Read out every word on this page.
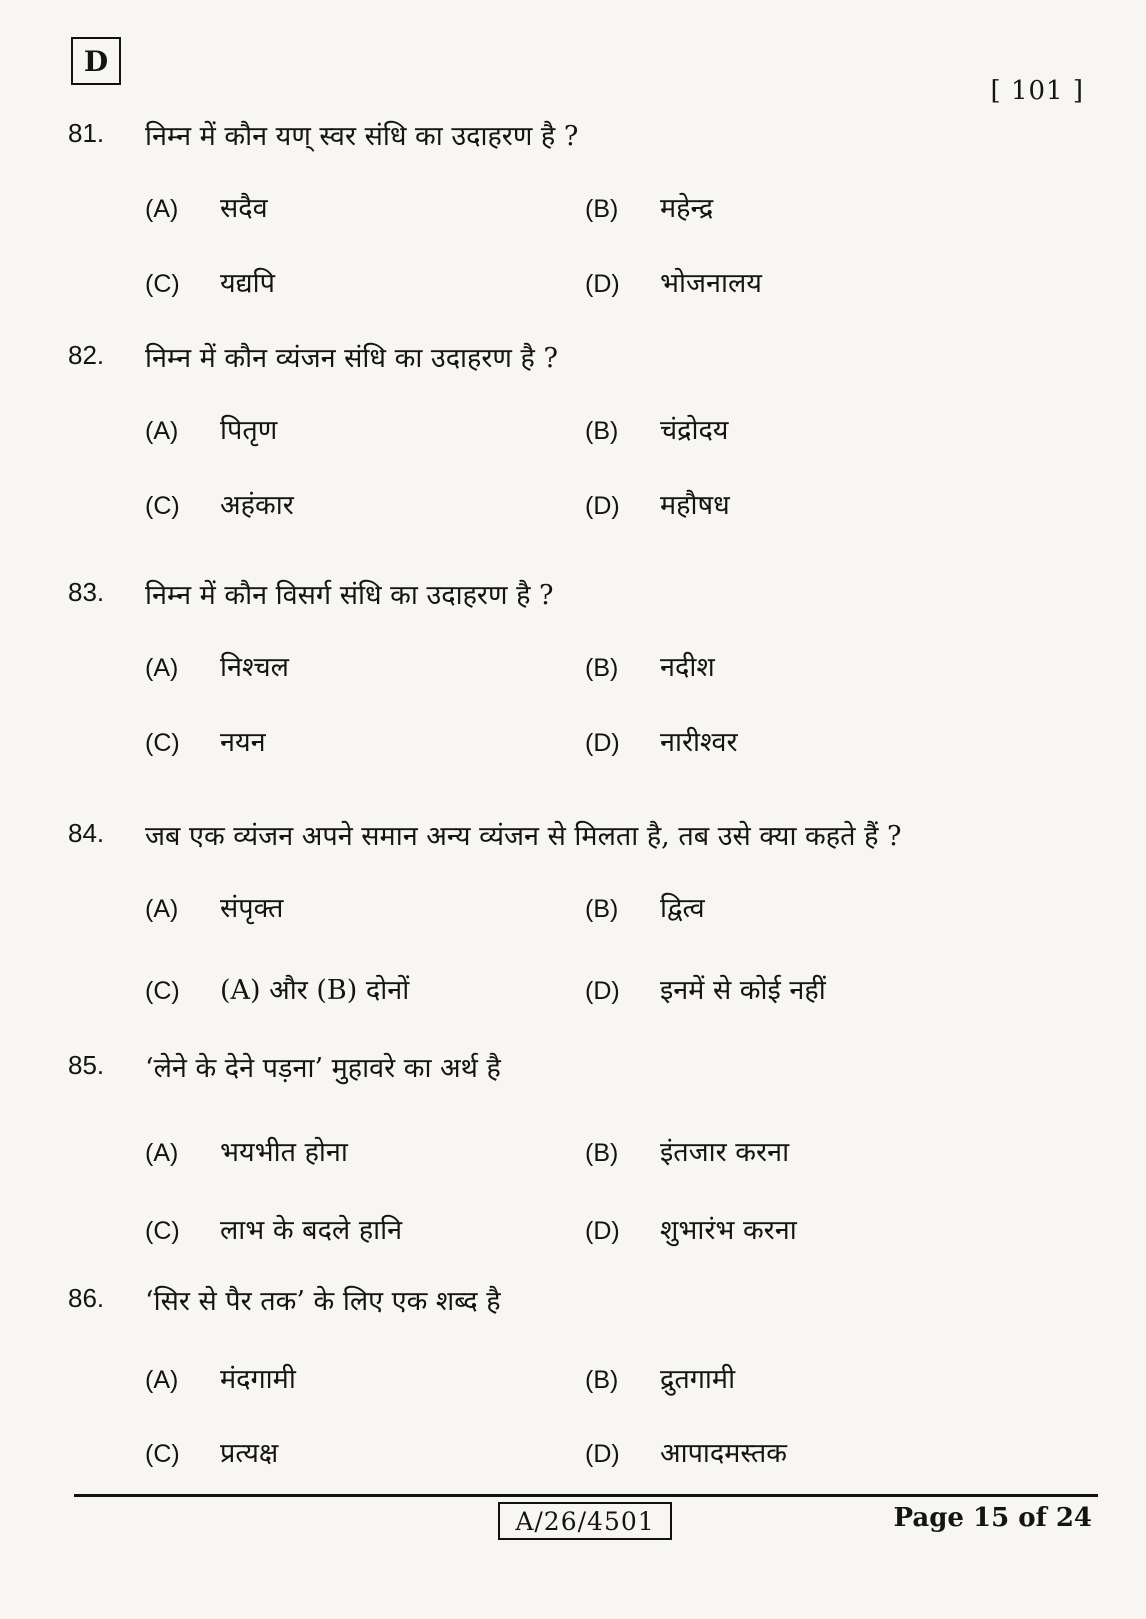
D
[ 101 ]
81. निम्न में कौन यण् स्वर संधि का उदाहरण है ?
(A)	सदैव	(B)	महेन्द्र
(C)	यद्यपि	(D)	भोजनालय
82. निम्न में कौन व्यंजन संधि का उदाहरण है ?
(A)	पितृण	(B)	चंद्रोदय
(C)	अहंकार	(D)	महौषध
83. निम्न में कौन विसर्ग संधि का उदाहरण है ?
(A)	निश्चल	(B)	नदीश
(C)	नयन	(D)	नारीश्वर
84. जब एक व्यंजन अपने समान अन्य व्यंजन से मिलता है, तब उसे क्या कहते हैं ?
(A)	संपृक्त	(B)	द्वित्व
(C)	(A) और (B) दोनों	(D)	इनमें से कोई नहीं
85. ‘लेने के देने पड़ना’ मुहावरे का अर्थ है
(A)	भयभीत होना	(B)	इंतजार करना
(C)	लाभ के बदले हानि	(D)	शुभारंभ करना
86. ‘सिर से पैर तक’ के लिए एक शब्द है
(A)	मंदगामी	(B)	द्रुतगामी
(C)	प्रत्यक्ष	(D)	आपादमस्तक
A/26/4501	Page 15 of 24
